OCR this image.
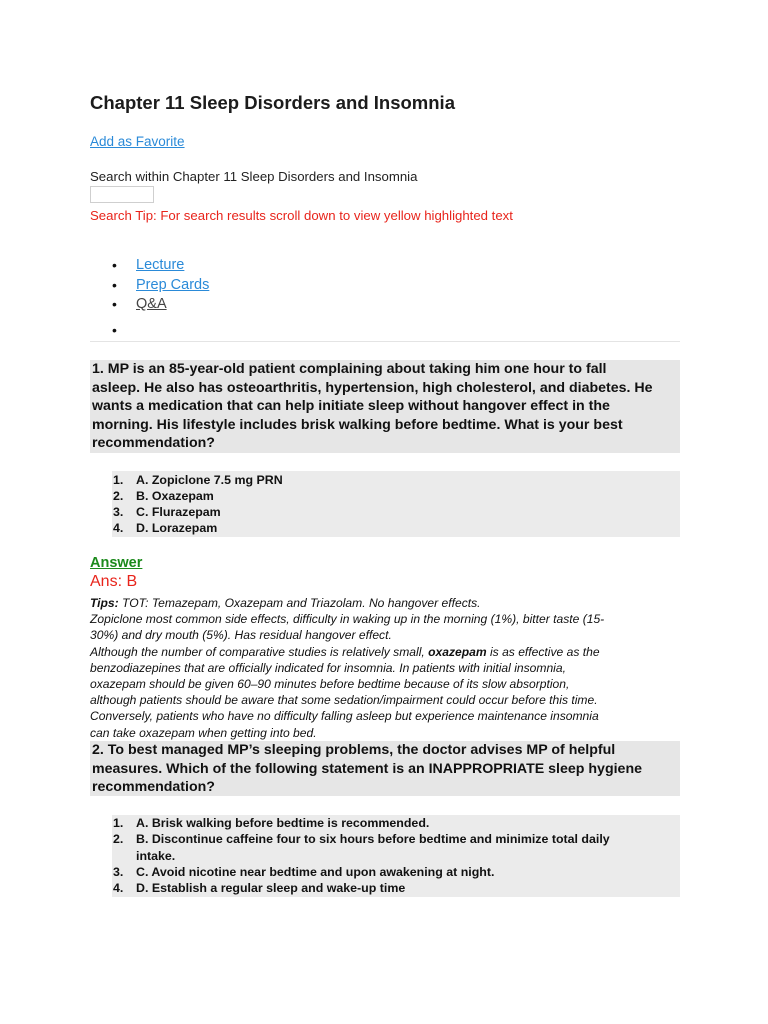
Chapter 11 Sleep Disorders and Insomnia
Add as Favorite
Search within Chapter 11 Sleep Disorders and Insomnia
Search Tip: For search results scroll down to view yellow highlighted text
• Lecture
• Prep Cards
• Q&A
•
1. MP is an 85-year-old patient complaining about taking him one hour to fall
asleep. He also has osteoarthritis, hypertension, high cholesterol, and diabetes. He
wants a medication that can help initiate sleep without hangover effect in the
morning. His lifestyle includes brisk walking before bedtime. What is your best
recommendation?
1. A. Zopiclone 7.5 mg PRN
2. B. Oxazepam
3. C. Flurazepam
4. D. Lorazepam
Answer
Ans: B
Tips: TOT: Temazepam, Oxazepam and Triazolam. No hangover effects.
Zopiclone most common side effects, difficulty in waking up in the morning (1%), bitter taste (15-
30%) and dry mouth (5%). Has residual hangover effect.
Although the number of comparative studies is relatively small, oxazepam is as effective as the
benzodiazepines that are officially indicated for insomnia. In patients with initial insomnia,
oxazepam should be given 60–90 minutes before bedtime because of its slow absorption,
although patients should be aware that some sedation/impairment could occur before this time.
Conversely, patients who have no difficulty falling asleep but experience maintenance insomnia
can take oxazepam when getting into bed.
2. To best managed MP’s sleeping problems, the doctor advises MP of helpful
measures. Which of the following statement is an INAPPROPRIATE sleep hygiene
recommendation?
1. A. Brisk walking before bedtime is recommended.
2. B. Discontinue caffeine four to six hours before bedtime and minimize total daily
intake.
3. C. Avoid nicotine near bedtime and upon awakening at night.
4. D. Establish a regular sleep and wake-up time
